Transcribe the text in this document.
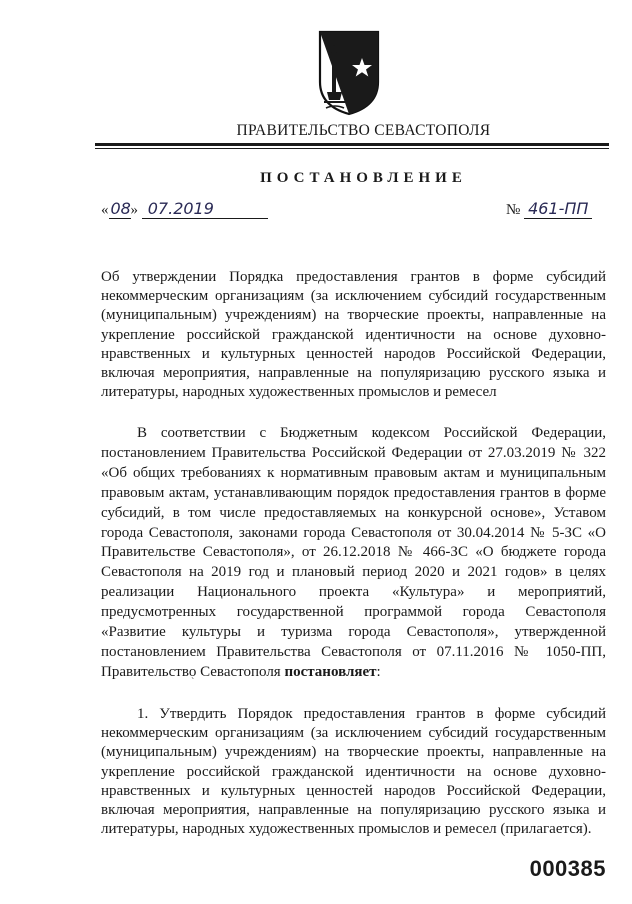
ПРАВИТЕЛЬСТВО СЕВАСТОПОЛЯ
ПОСТАНОВЛЕНИЕ
« 08» 07.2019	№ 461-ПП
Об утверждении Порядка предоставления грантов в форме субсидий некоммерческим организациям (за исключением субсидий государственным (муниципальным) учреждениям) на творческие проекты, направленные на укрепление российской гражданской идентичности на основе духовно-нравственных и культурных ценностей народов Российской Федерации, включая мероприятия, направленные на популяризацию русского языка и литературы, народных художественных промыслов и ремесел
В соответствии с Бюджетным кодексом Российской Федерации, постановлением Правительства Российской Федерации от 27.03.2019 № 322 «Об общих требованиях к нормативным правовым актам и муниципальным правовым актам, устанавливающим порядок предоставления грантов в форме субсидий, в том числе предоставляемых на конкурсной основе», Уставом города Севастополя, законами города Севастополя от 30.04.2014 № 5-ЗС «О Правительстве Севастополя», от 26.12.2018 № 466-ЗС «О бюджете города Севастополя на 2019 год и плановый период 2020 и 2021 годов» в целях реализации Национального проекта «Культура» и мероприятий, предусмотренных государственной программой города Севастополя «Развитие культуры и туризма города Севастополя», утвержденной постановлением Правительства Севастополя от 07.11.2016 № 1050-ПП, Правительство Севастополя постановляет:
ˋ
1. Утвердить Порядок предоставления грантов в форме субсидий некоммерческим организациям (за исключением субсидий государственным (муниципальным) учреждениям) на творческие проекты, направленные на укрепление российской гражданской идентичности на основе духовно-нравственных и культурных ценностей народов Российской Федерации, включая мероприятия, направленные на популяризацию русского языка и литературы, народных художественных промыслов и ремесел (прилагается).
000385
